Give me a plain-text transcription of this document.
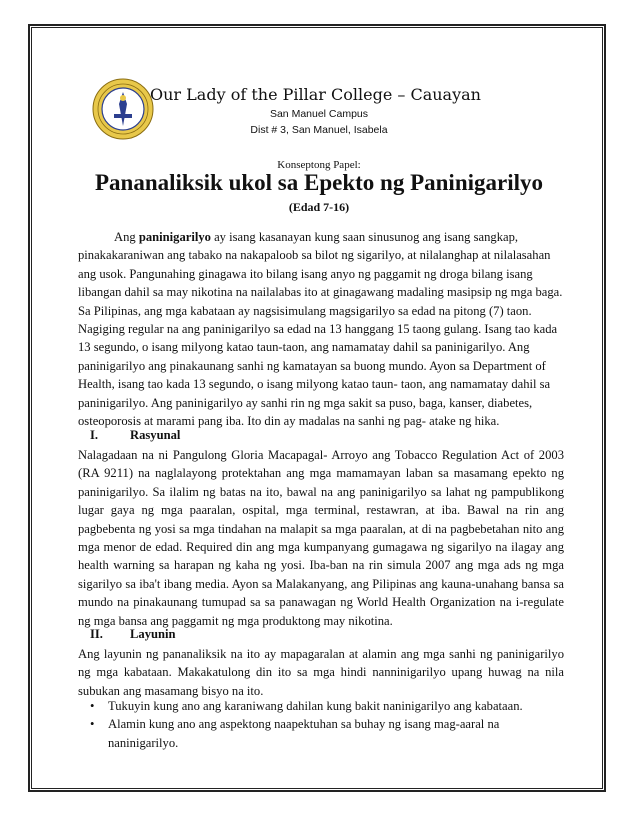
Our Lady of the Pillar College – Cauayan
San Manuel Campus
Dist # 3, San Manuel, Isabela
Konseptong Papel:
Pananaliksik ukol sa Epekto ng Paninigarilyo
(Edad 7-16)
Ang paninigarilyo ay isang kasanayan kung saan sinusunog ang isang sangkap, pinakakaraniwan ang tabako na nakapaloob sa bilot ng sigarilyo, at nilalanghap at nilalasahan ang usok. Pangunahing ginagawa ito bilang isang anyo ng paggamit ng droga bilang isang libangan dahil sa may nikotina na nailalabas ito at ginagawang madaling masipsip ng mga baga. Sa Pilipinas, ang mga kabataan ay nagsisimulang magsigarilyo sa edad na pitong (7) taon. Nagiging regular na ang paninigarilyo sa edad na 13 hanggang 15 taong gulang. Isang tao kada 13 segundo, o isang milyong katao taun-taon, ang namamatay dahil sa paninigarilyo. Ang paninigarilyo ang pinakaunang sanhi ng kamatayan sa buong mundo. Ayon sa Department of Health, isang tao kada 13 segundo, o isang milyong katao taun- taon, ang namamatay dahil sa paninigarilyo. Ang paninigarilyo ay sanhi rin ng mga sakit sa puso, baga, kanser, diabetes, osteoporosis at marami pang iba. Ito din ay madalas na sanhi ng pag- atake ng hika.
I.	Rasyunal
Nalagadaan na ni Pangulong Gloria Macapagal- Arroyo ang Tobacco Regulation Act of 2003 (RA 9211) na naglalayong protektahan ang mga mamamayan laban sa masamang epekto ng paninigarilyo. Sa ilalim ng batas na ito, bawal na ang paninigarilyo sa lahat ng pampublikong lugar gaya ng mga paaralan, ospital, mga terminal, restawran, at iba. Bawal na rin ang pagbebenta ng yosi sa mga tindahan na malapit sa mga paaralan, at di na pagbebetahan nito ang mga menor de edad. Required din ang mga kumpanyang gumagawa ng sigarilyo na ilagay ang health warning sa harapan ng kaha ng yosi. Iba-ban na rin simula 2007 ang mga ads ng mga sigarilyo sa iba't ibang media. Ayon sa Malakanyang, ang Pilipinas ang kauna-unahang bansa sa mundo na pinakaunang tumupad sa sa panawagan ng World Health Organization na i-regulate ng mga bansa ang paggamit ng mga produktong may nikotina.
II. Layunin
Ang layunin ng pananaliksik na ito ay mapagaralan at alamin ang mga sanhi ng paninigarilyo ng mga kabataan. Makakatulong din ito sa mga hindi nanninigarilyo upang huwag na nila subukan ang masamang bisyo na ito.
• Tukuyin kung ano ang karaniwang dahilan kung bakit naninigarilyo ang kabataan.
• Alamin kung ano ang aspektong naapektuhan sa buhay ng isang mag-aaral na naninigarilyo.
